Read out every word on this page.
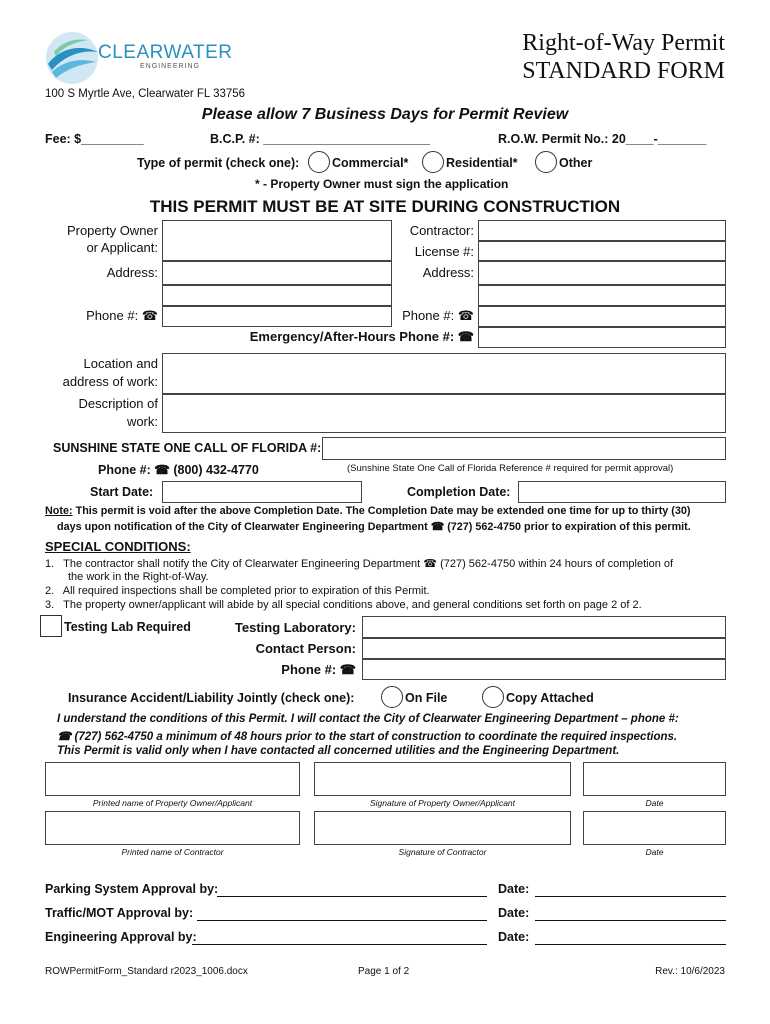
CLEARWATER
ENGINEERING
Right-of-Way Permit
STANDARD FORM
100 S Myrtle Ave, Clearwater FL 33756
Please allow 7 Business Days for Permit Review
Fee: $_________	B.C.P. #: ________________________	R.O.W. Permit No.: 20____-_______
Type of permit (check one):	Commercial*	Residential*	Other
* - Property Owner must sign the application
THIS PERMIT MUST BE AT SITE DURING CONSTRUCTION
Property Owner
or Applicant:
Address:
Phone #: ☎
Contractor:
License #:
Address:
Phone #: ☎
Emergency/After-Hours Phone #: ☎
Location and
address of work:
Description of
work:
SUNSHINE STATE ONE CALL OF FLORIDA #:
Phone #: ☎ (800) 432-4770	(Sunshine State One Call of Florida Reference # required for permit approval)
Start Date:	Completion Date:
Note: This permit is void after the above Completion Date. The Completion Date may be extended one time for up to thirty (30)
days upon notification of the City of Clearwater Engineering Department ☎ (727) 562-4750 prior to expiration of this permit.
SPECIAL CONDITIONS:
1. The contractor shall notify the City of Clearwater Engineering Department ☎ (727) 562-4750 within 24 hours of completion of
the work in the Right-of-Way.
2. All required inspections shall be completed prior to expiration of this Permit.
3. The property owner/applicant will abide by all special conditions above, and general conditions set forth on page 2 of 2.
Testing Lab Required	Testing Laboratory:
Contact Person:
Phone #: ☎
Insurance Accident/Liability Jointly (check one):	On File	Copy Attached
I understand the conditions of this Permit. I will contact the City of Clearwater Engineering Department – phone #:
☎ (727) 562-4750 a minimum of 48 hours prior to the start of construction to coordinate the required inspections.
This Permit is valid only when I have contacted all concerned utilities and the Engineering Department.
Printed name of Property Owner/Applicant	Signature of Property Owner/Applicant	Date
Printed name of Contractor	Signature of Contractor	Date
Parking System Approval by:	Date:
Traffic/MOT Approval by:	Date:
Engineering Approval by:	Date:
ROWPermitForm_Standard r2023_1006.docx	Page 1 of 2	Rev.: 10/6/2023
